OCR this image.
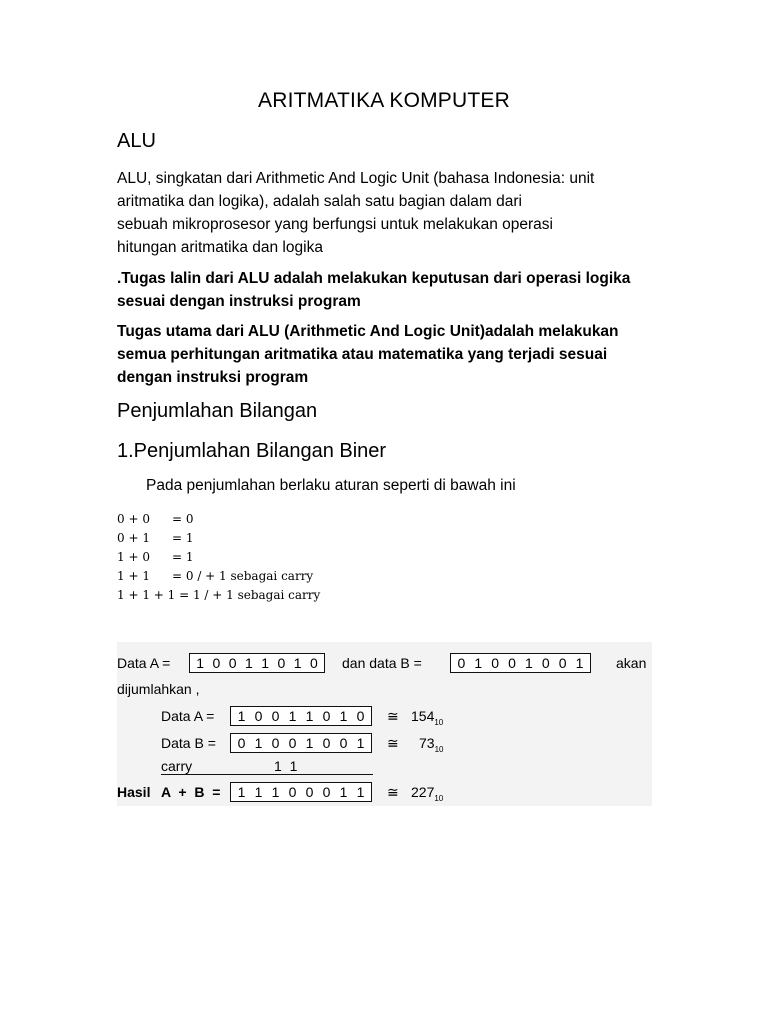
ARITMATIKA KOMPUTER
ALU
ALU, singkatan dari Arithmetic And Logic Unit (bahasa Indonesia: unit
aritmatika dan logika), adalah salah satu bagian dalam dari
sebuah mikroprosesor yang berfungsi untuk melakukan operasi
hitungan aritmatika dan logika
.Tugas lalin dari ALU adalah melakukan keputusan dari operasi logika
sesuai dengan instruksi program
Tugas utama dari ALU (Arithmetic And Logic Unit)adalah melakukan
semua perhitungan aritmatika atau matematika yang terjadi sesuai
dengan instruksi program
Penjumlahan Bilangan
1.Penjumlahan Bilangan Biner
Pada penjumlahan berlaku aturan seperti di bawah ini
0 + 0 = 0
0 + 1 = 1
1 + 0 = 1
1 + 1 = 0 / + 1 sebagai carry
1 + 1 + 1 = 1 / + 1 sebagai carry
Data A = 1 0 0 1 1 0 1 0 dan data B =	0 1 0 0 1 0 0 1 akan
dijumlahkan ,
Data A = 1 0 0 1 1 0 1 0 ≅ $154_{10}$
Data B = 0 1 0 0 1 0 0 1 ≅ $73_{10}$
carry	1  1
Hasil A  +  B  = 1 1 1 0 0 0 1 1 ≅ $227_{10}$
